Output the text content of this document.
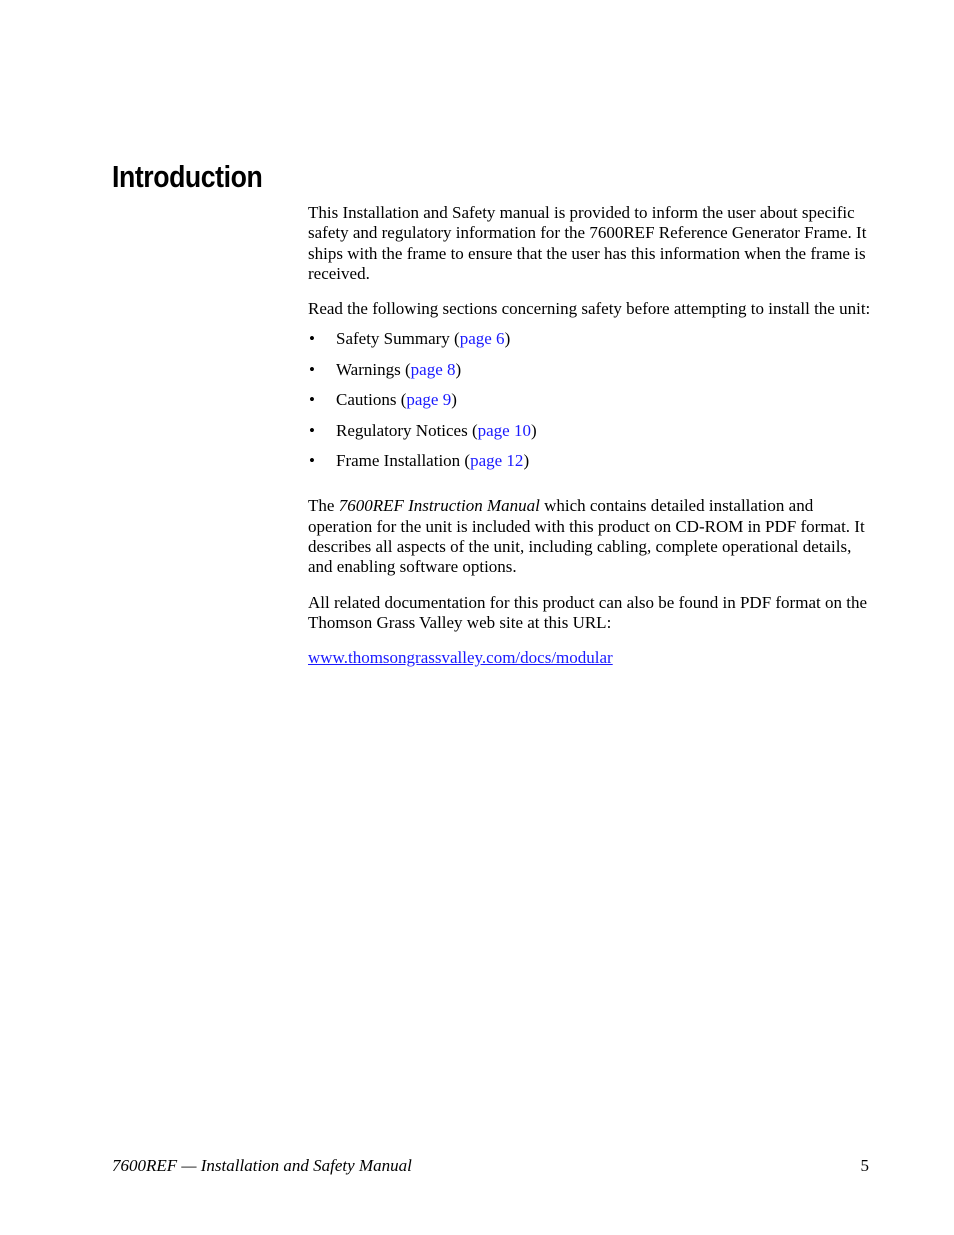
Introduction

This Installation and Safety manual is provided to inform the user about specific safety and regulatory information for the 7600REF Reference Generator Frame. It ships with the frame to ensure that the user has this information when the frame is received.

Read the following sections concerning safety before attempting to install the unit:

• Safety Summary (page 6)
• Warnings (page 8)
• Cautions (page 9)
• Regulatory Notices (page 10)
• Frame Installation (page 12)

The 7600REF Instruction Manual which contains detailed installation and operation for the unit is included with this product on CD-ROM in PDF format. It describes all aspects of the unit, including cabling, complete operational details, and enabling software options.

All related documentation for this product can also be found in PDF format on the Thomson Grass Valley web site at this URL:

www.thomsongrassvalley.com/docs/modular

7600REF — Installation and Safety Manual	5
